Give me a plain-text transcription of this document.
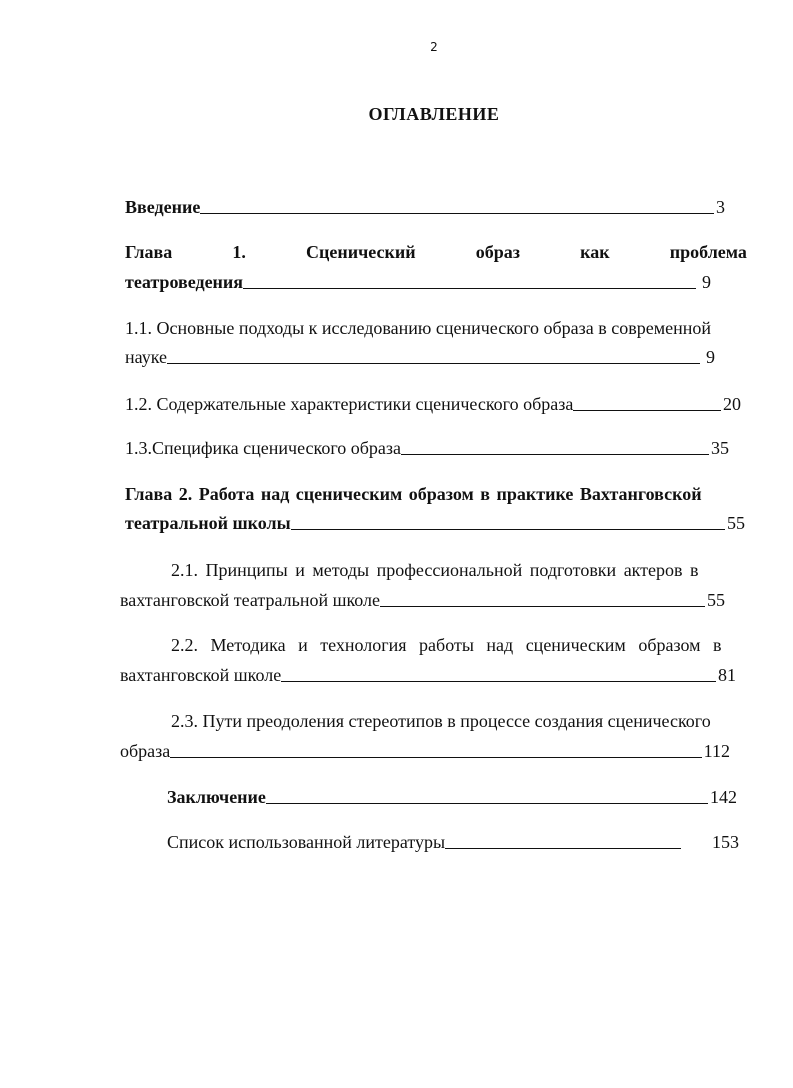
2
ОГЛАВЛЕНИЕ
Введение	3
Глава	1.	Сценический	образ	как	проблема
театроведения	9
1.1. Основные подходы к исследованию сценического образа в современной
науке	9
1.2. Содержательные характеристики сценического образа	20
1.3.Специфика сценического образа	35
Глава 2. Работа над сценическим образом в практике Вахтанговской
театральной школы	55
2.1. Принципы и методы профессиональной подготовки актеров в
вахтанговской театральной школе	55
2.2. Методика и технология работы над сценическим образом в
вахтанговской школе	81
2.3. Пути преодоления стереотипов в процессе создания сценического
образа	112
Заключение	142
Список использованной литературы	153
